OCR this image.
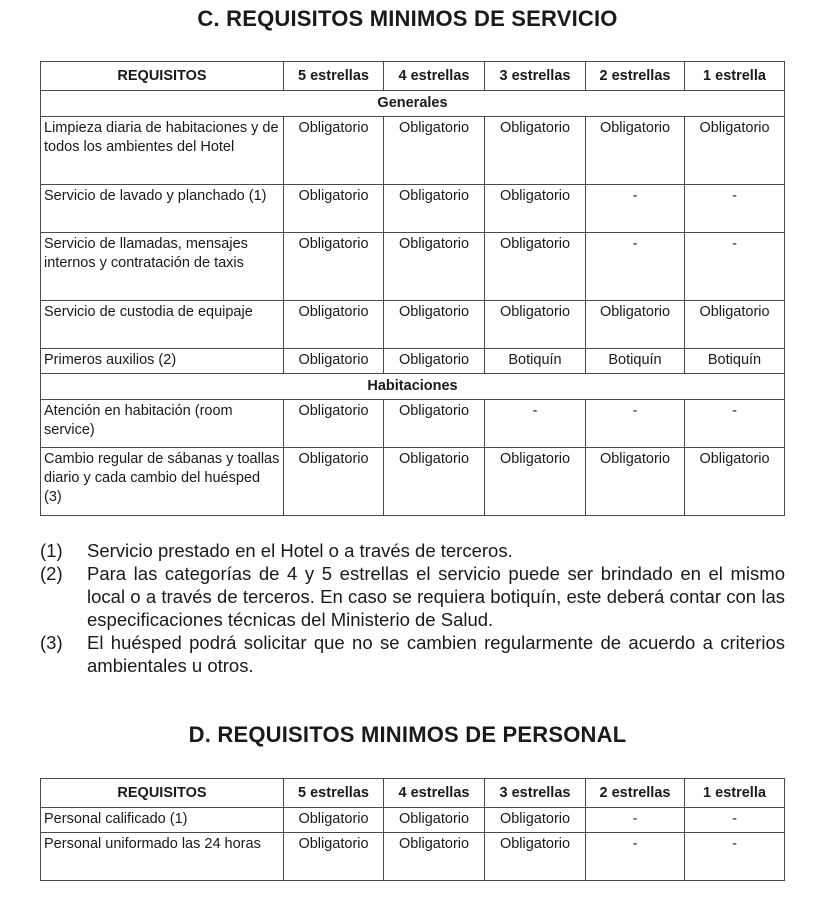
C. REQUISITOS MINIMOS DE SERVICIO
REQUISITOS	5 estrellas	4 estrellas	3 estrellas	2 estrellas	1 estrella
Generales					
Limpieza diaria de habitaciones y de todos los ambientes del Hotel	Obligatorio	Obligatorio	Obligatorio	Obligatorio	Obligatorio
Servicio de lavado y planchado (1)	Obligatorio	Obligatorio	Obligatorio	-	-
Servicio de llamadas, mensajes internos y contratación de taxis	Obligatorio	Obligatorio	Obligatorio	-	-
Servicio de custodia de equipaje	Obligatorio	Obligatorio	Obligatorio	Obligatorio	Obligatorio
Primeros auxilios (2)	Obligatorio	Obligatorio	Botiquín	Botiquín	Botiquín
Habitaciones					
Atención en habitación (room service)	Obligatorio	Obligatorio	-	-	-
Cambio regular de sábanas y toallas diario y cada cambio del huésped (3)	Obligatorio	Obligatorio	Obligatorio	Obligatorio	Obligatorio
(1)	Servicio prestado en el Hotel o a través de terceros.
(2)	Para las categorías de 4 y 5 estrellas el servicio puede ser brindado en el mismo local o a través de terceros. En caso se requiera botiquín, este deberá contar con las especificaciones técnicas del Ministerio de Salud.
(3)	El huésped podrá solicitar que no se cambien regularmente de acuerdo a criterios ambientales u otros.
D. REQUISITOS MINIMOS DE PERSONAL
REQUISITOS	5 estrellas	4 estrellas	3 estrellas	2 estrellas	1 estrella
Personal calificado (1)	Obligatorio	Obligatorio	Obligatorio	-	-
Personal uniformado las 24 horas	Obligatorio	Obligatorio	Obligatorio	-	-
